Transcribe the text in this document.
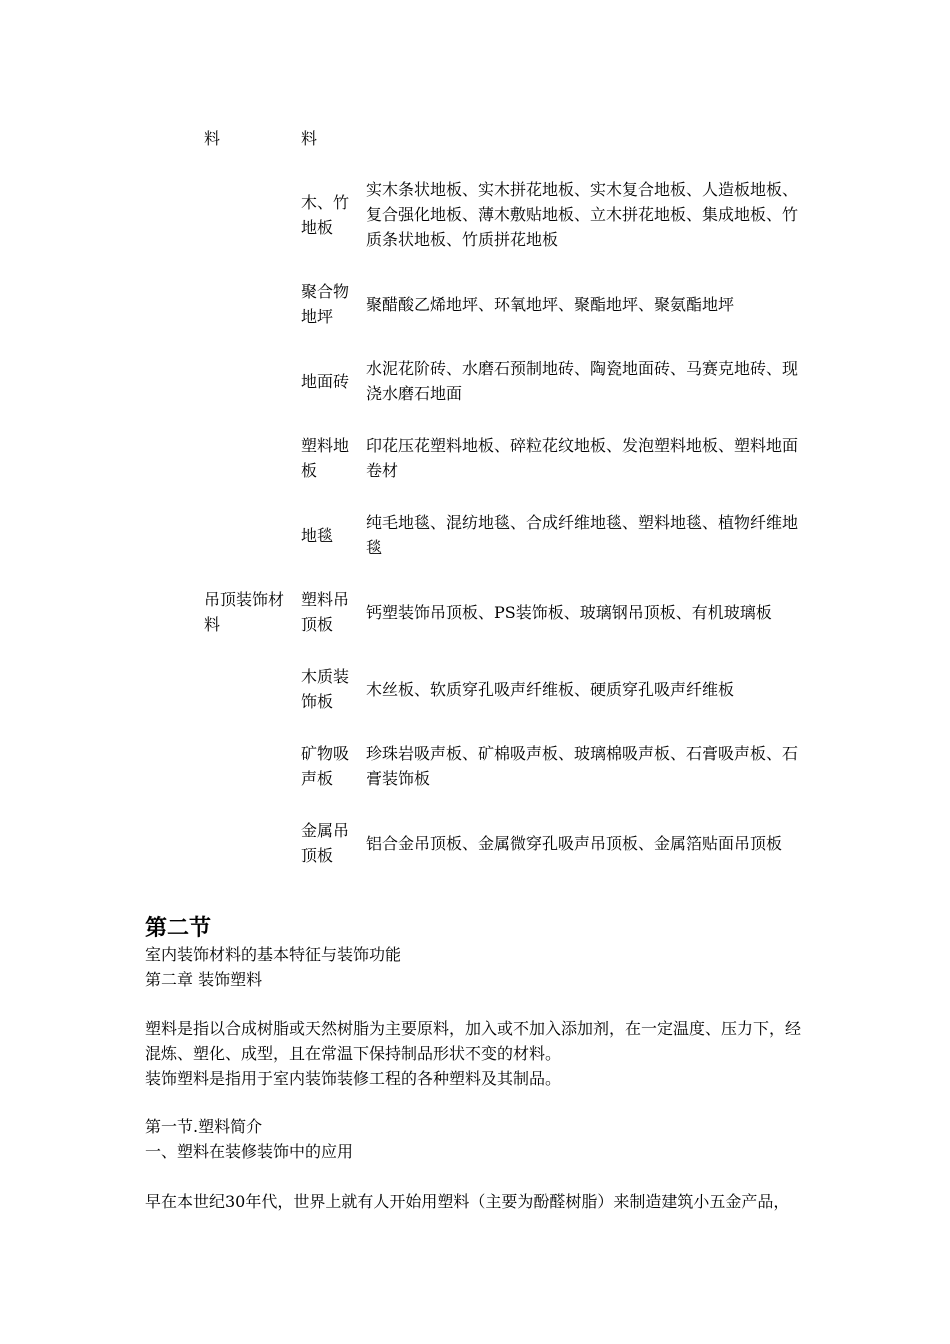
料	料
木、竹地板
实木条状地板、实木拼花地板、实木复合地板、人造板地板、复合强化地板、薄木敷贴地板、立木拼花地板、集成地板、竹质条状地板、竹质拼花地板
聚合物地坪
聚醋酸乙烯地坪、环氧地坪、聚酯地坪、聚氨酯地坪
地面砖
水泥花阶砖、水磨石预制地砖、陶瓷地面砖、马赛克地砖、现浇水磨石地面
塑料地板
印花压花塑料地板、碎粒花纹地板、发泡塑料地板、塑料地面卷材
地毯
纯毛地毯、混纺地毯、合成纤维地毯、塑料地毯、植物纤维地毯
吊顶装饰材料
塑料吊顶板
钙塑装饰吊顶板、PS装饰板、玻璃钢吊顶板、有机玻璃板
木质装饰板
木丝板、软质穿孔吸声纤维板、硬质穿孔吸声纤维板
矿物吸声板
珍珠岩吸声板、矿棉吸声板、玻璃棉吸声板、石膏吸声板、石膏装饰板
金属吊顶板
铝合金吊顶板、金属微穿孔吸声吊顶板、金属箔贴面吊顶板
第二节
室内装饰材料的基本特征与装饰功能
第二章 装饰塑料
塑料是指以合成树脂或天然树脂为主要原料，加入或不加入添加剂，在一定温度、压力下，经混炼、塑化、成型，且在常温下保持制品形状不变的材料。
装饰塑料是指用于室内装饰装修工程的各种塑料及其制品。
第一节.塑料简介
一、塑料在装修装饰中的应用
早在本世纪30年代，世界上就有人开始用塑料（主要为酚醛树脂）来制造建筑小五金产品，
